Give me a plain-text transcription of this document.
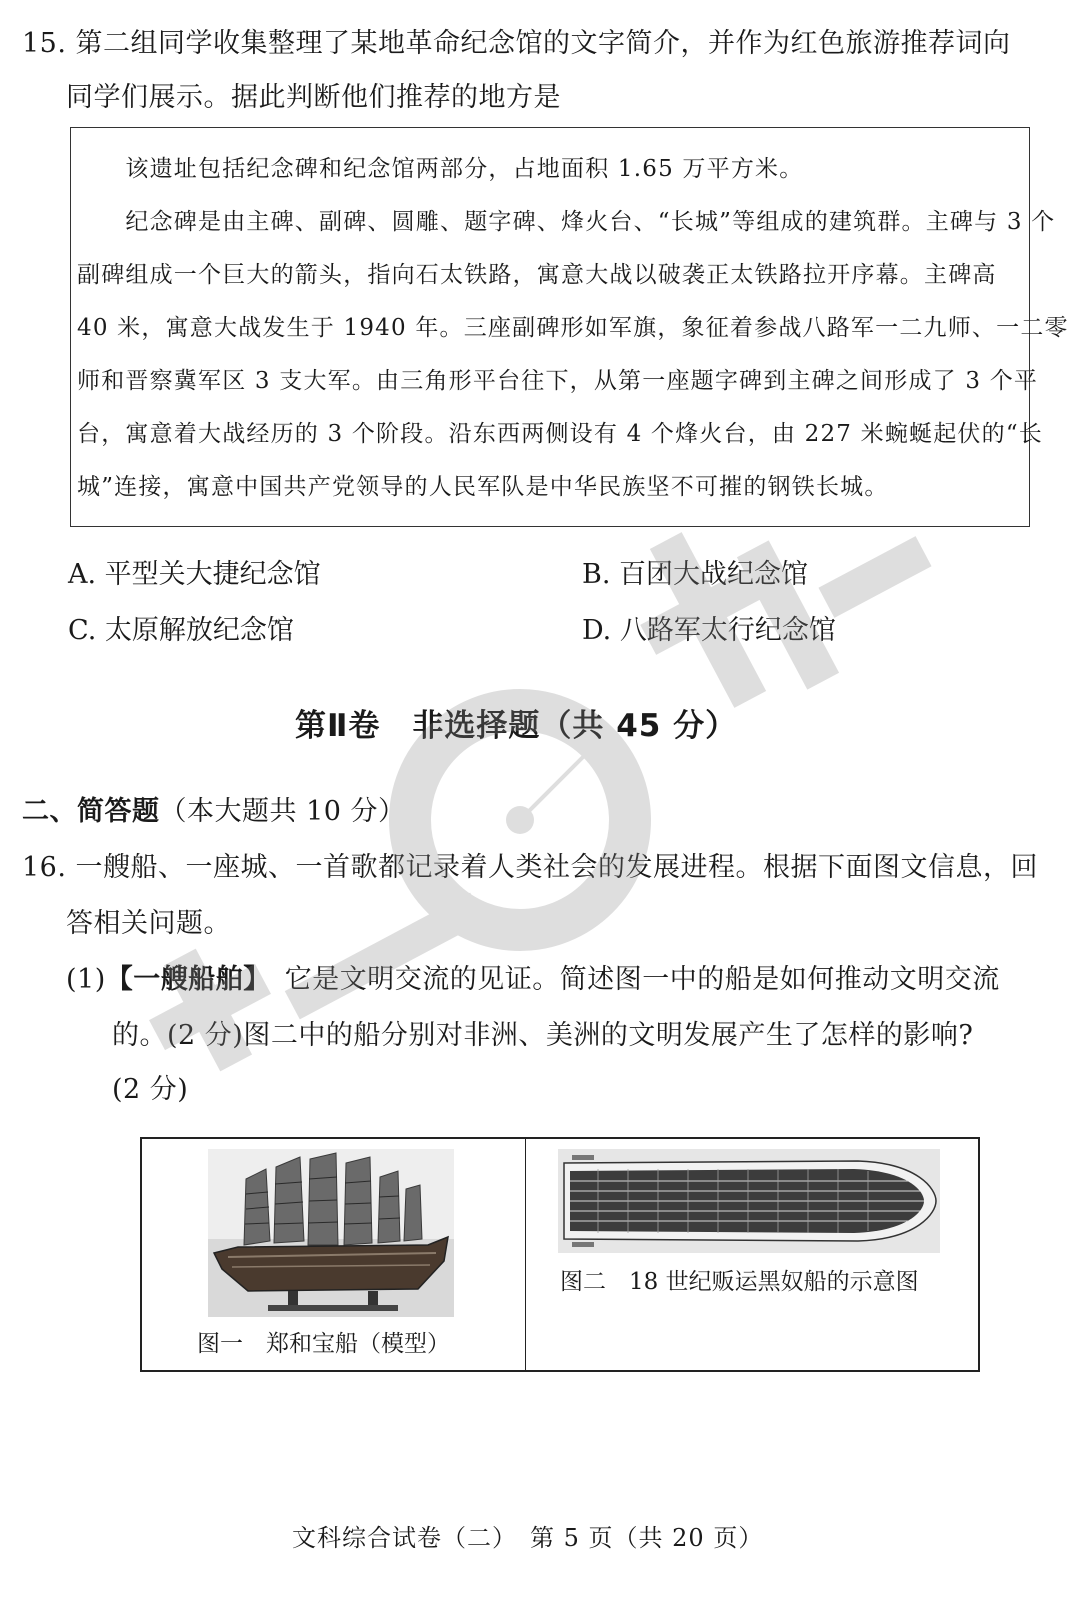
15. 第二组同学收集整理了某地革命纪念馆的文字简介，并作为红色旅游推荐词向
同学们展示。据此判断他们推荐的地方是
　　该遗址包括纪念碑和纪念馆两部分，占地面积 1.65 万平方米。
　　纪念碑是由主碑、副碑、圆雕、题字碑、烽火台、“长城”等组成的建筑群。主碑与 3 个
副碑组成一个巨大的箭头，指向石太铁路，寓意大战以破袭正太铁路拉开序幕。主碑高
40 米，寓意大战发生于 1940 年。三座副碑形如军旗，象征着参战八路军一二九师、一二零
师和晋察冀军区 3 支大军。由三角形平台往下，从第一座题字碑到主碑之间形成了 3 个平
台，寓意着大战经历的 3 个阶段。沿东西两侧设有 4 个烽火台，由 227 米蜿蜒起伏的“长
城”连接，寓意中国共产党领导的人民军队是中华民族坚不可摧的钢铁长城。
A. 平型关大捷纪念馆	B. 百团大战纪念馆
C. 太原解放纪念馆	D. 八路军太行纪念馆
第Ⅱ卷　非选择题（共 45 分）
二、简答题（本大题共 10 分）
16. 一艘船、一座城、一首歌都记录着人类社会的发展进程。根据下面图文信息，回
答相关问题。
(1)【一艘船舶】　它是文明交流的见证。简述图一中的船是如何推动文明交流
的。(2 分)图二中的船分别对非洲、美洲的文明发展产生了怎样的影响?
(2 分)
图一　郑和宝船（模型）
图二　18 世纪贩运黑奴船的示意图
晋一中考
文科综合试卷（二）　第 5 页（共 20 页）
